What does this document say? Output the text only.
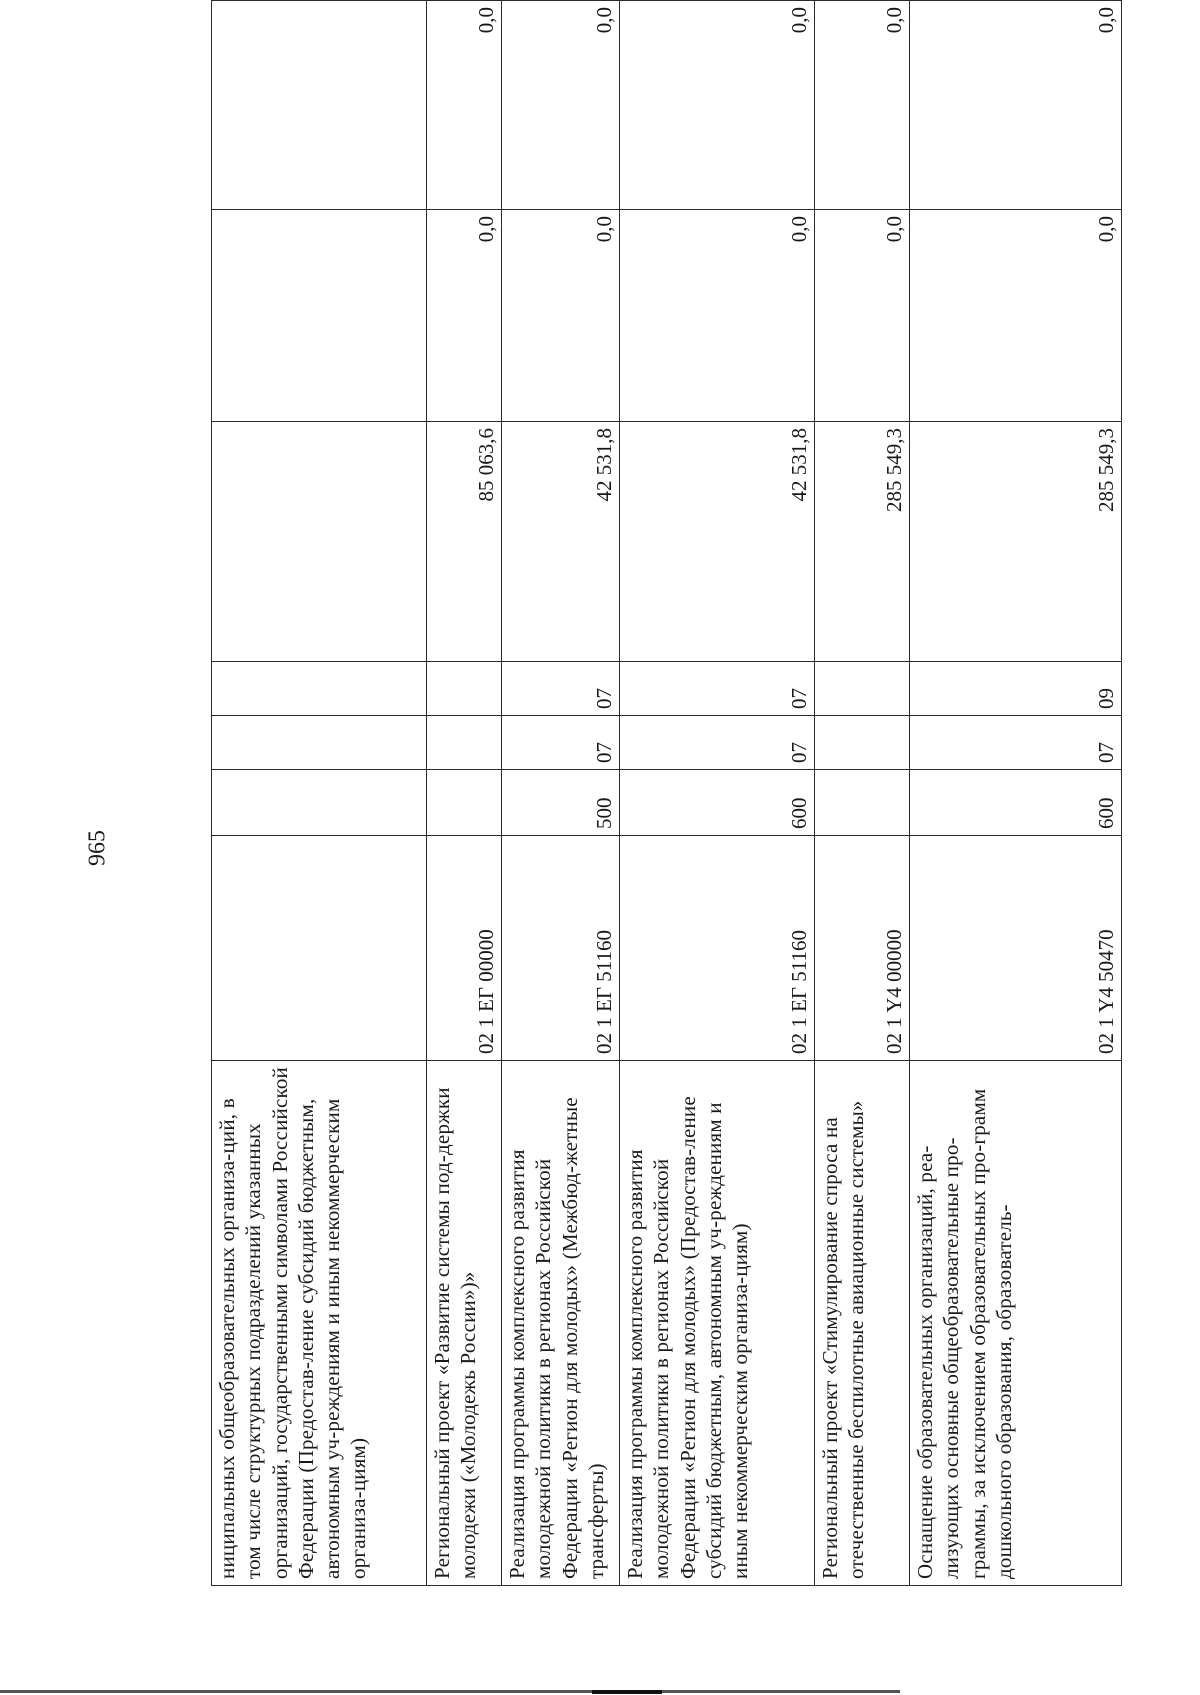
965
ниципальных общеобразовательных организа-ций, в том числе структурных подразделений указанных организаций, государственными символами Российской Федерации (Предостав-ление субсидий бюджетным, автономным уч-реждениям и иным некоммерческим организа-циям)							
Региональный проект «Развитие системы под-держки молодежи («Молодежь России»)»	02 1 ЕГ 00000				85 063,6	0,0	0,0
Реализация программы комплексного развития молодежной политики в регионах Российской Федерации «Регион для молодых» (Межбюд-жетные трансферты)	02 1 ЕГ 51160	500	07	07	42 531,8	0,0	0,0
Реализация программы комплексного развития молодежной политики в регионах Российской Федерации «Регион для молодых» (Предостав-ление субсидий бюджетным, автономным уч-реждениям и иным некоммерческим организа-циям)	02 1 ЕГ 51160	600	07	07	42 531,8	0,0	0,0
Региональный проект «Стимулирование спроса на отечественные беспилотные авиационные системы»	02 1 Y4 00000				285 549,3	0,0	0,0
Оснащение образовательных организаций, реа-лизующих основные общеобразовательные про-граммы, за исключением образовательных про-грамм дошкольного образования, образователь-	02 1 Y4 50470	600	07	09	285 549,3	0,0	0,0
